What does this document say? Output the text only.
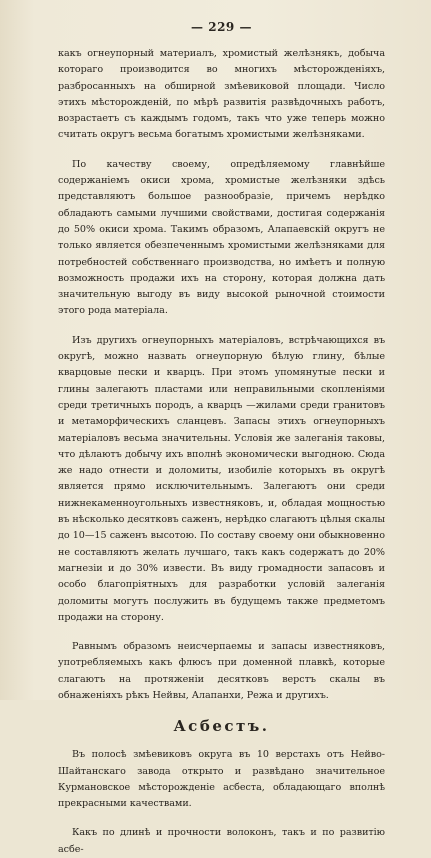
— 229 —

какъ огнеупорный материалъ, хромистый желѣзнякъ, добыча котораго производится во многихъ мѣсторожденіяхъ, разбросанныхъ на обширной змѣевиковой площади. Число этихъ мѣсторожденій, по мѣрѣ развитія развѣдочныхъ работъ, возрастаетъ съ каждымъ годомъ, такъ что уже теперь можно считать округъ весьма богатымъ хромистыми желѣзняками.

По качеству своему, опредѣляемому главнѣйше содержаніемъ окиси хрома, хромистые желѣзняки здѣсь представляютъ большое разнообразіе, причемъ нерѣдко обладаютъ самыми лучшими свойствами, достигая содержанія до 50% окиси хрома. Такимъ образомъ, Алапаевскій округъ не только является обезпеченнымъ хромистыми желѣзняками для потребностей собственнаго производства, но имѣетъ и полную возможность продажи ихъ на сторону, которая должна дать значительную выгоду въ виду высокой рыночной стоимости этого рода матеріала.

Изъ другихъ огнеупорныхъ матеріаловъ, встрѣчающихся въ округѣ, можно назвать огнеупорную бѣлую глину, бѣлые кварцовые пески и кварцъ. При этомъ упомянутые пески и глины залегаютъ пластами или неправильными скопленіями среди третичныхъ породъ, а кварцъ —жилами среди гранитовъ и метаморфическихъ сланцевъ. Запасы этихъ огнеупорныхъ матеріаловъ весьма значительны. Условія же залеганія таковы, что дѣлаютъ добычу ихъ вполнѣ экономически выгодною. Сюда же надо отнести и доломиты, изобиліе которыхъ въ округѣ является прямо исключительнымъ. Залегаютъ они среди нижнекаменноугольныхъ известняковъ, и, обладая мощностью въ нѣсколько десятковъ саженъ, нерѣдко слагаютъ цѣлыя скалы до 10—15 саженъ высотою. По составу своему они обыкновенно не составляютъ желать лучшаго, такъ какъ содержатъ до 20% магнезіи и до 30% извести. Въ виду громадности запасовъ и особо благопріятныхъ для разработки условій залеганія доломиты могутъ послужить въ будущемъ также предметомъ продажи на сторону.

Равнымъ образомъ неисчерпаемы и запасы известняковъ, употребляемыхъ какъ флюсъ при доменной плавкѣ, которые слагаютъ на протяженіи десятковъ верстъ скалы въ обнаженіяхъ рѣкъ Нейвы, Алапанхи, Режа и другихъ.

Асбестъ.

Въ полосѣ змѣевиковъ округа въ 10 верстахъ отъ Нейво-Шайтанскаго завода открыто и развѣдано значительное Курмановское мѣсторожденіе асбеста, обладающаго вполнѣ прекрасными качествами.

Какъ по длинѣ и прочности волоконъ, такъ и по развитію асбе-
